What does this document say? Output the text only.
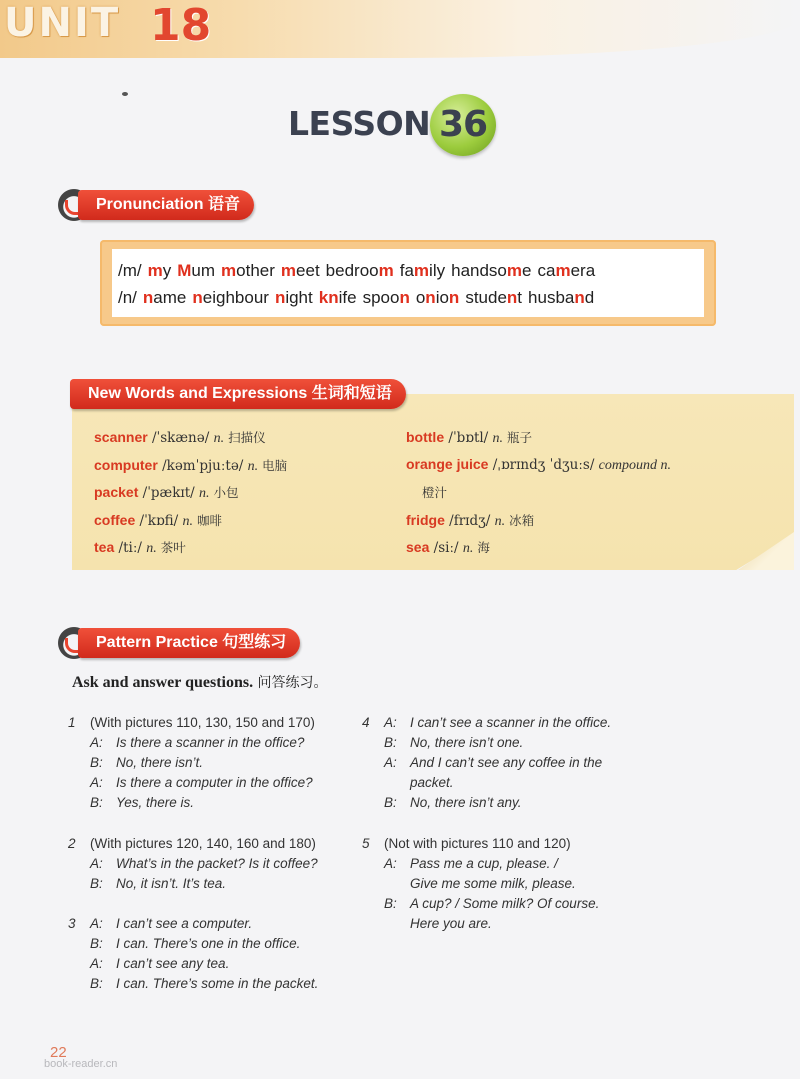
UNIT 18
LESSON 36
Pronunciation 语音
/m/ my Mum mother meet bedroom family handsome camera
/n/ name neighbour night knife spoon onion student husband
New Words and Expressions 生词和短语
scanner /ˈskænə/ n. 扫描仪
computer /kəmˈpjuːtə/ n. 电脑
packet /ˈpækɪt/ n. 小包
coffee /ˈkɒfi/ n. 咖啡
tea /tiː/ n. 茶叶
bottle /ˈbɒtl/ n. 瓶子
orange juice /ˌɒrɪndʒ ˈdʒuːs/ compound n.
橙汁
fridge /frɪdʒ/ n. 冰箱
sea /siː/ n. 海
Pattern Practice 句型练习
Ask and answer questions. 问答练习。
1 (With pictures 110, 130, 150 and 170)
A: Is there a scanner in the office?
B: No, there isn’t.
A: Is there a computer in the office?
B: Yes, there is.
2 (With pictures 120, 140, 160 and 180)
A: What’s in the packet? Is it coffee?
B: No, it isn’t. It’s tea.
3 A: I can’t see a computer.
B: I can. There’s one in the office.
A: I can’t see any tea.
B: I can. There’s some in the packet.
4 A: I can’t see a scanner in the office.
B: No, there isn’t one.
A: And I can’t see any coffee in the
packet.
B: No, there isn’t any.
5 (Not with pictures 110 and 120)
A: Pass me a cup, please. /
Give me some milk, please.
B: A cup? / Some milk? Of course.
Here you are.
22
book-reader.cn
